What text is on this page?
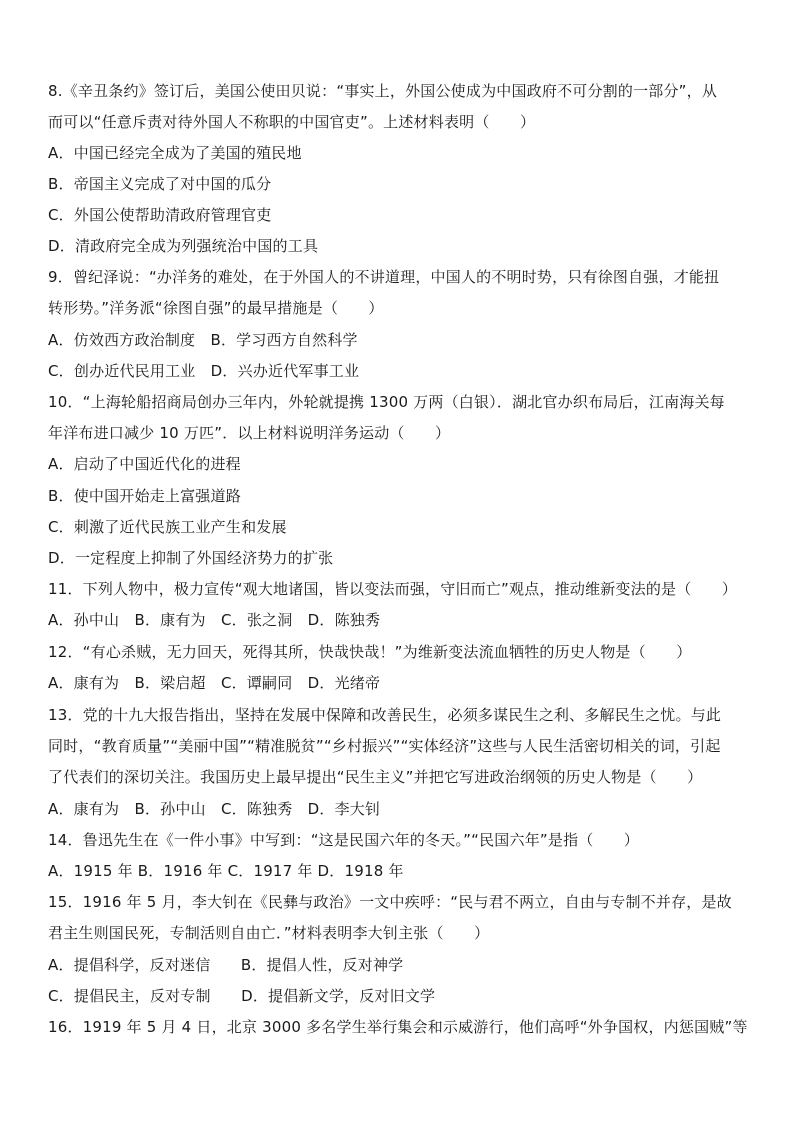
8.《辛丑条约》签订后，美国公使田贝说：“事实上，外国公使成为中国政府不可分割的一部分”，从
而可以“任意斥责对待外国人不称职的中国官吏”。上述材料表明（　　）
A．中国已经完全成为了美国的殖民地
B．帝国主义完成了对中国的瓜分
C．外国公使帮助清政府管理官吏
D．清政府完全成为列强统治中国的工具
9．曾纪泽说：“办洋务的难处，在于外国人的不讲道理，中国人的不明时势，只有徐图自强，才能扭
转形势。”洋务派“徐图自强”的最早措施是（　　）
A．仿效西方政治制度　B．学习西方自然科学
C．创办近代民用工业　D．兴办近代军事工业
10．“上海轮船招商局创办三年内，外轮就提携 1300 万两（白银）．湖北官办织布局后，江南海关每
年洋布进口减少 10 万匹”．以上材料说明洋务运动（　　）
A．启动了中国近代化的进程
B．使中国开始走上富强道路
C．刺激了近代民族工业产生和发展
D．一定程度上抑制了外国经济势力的扩张
11．下列人物中，极力宣传“观大地诸国，皆以变法而强，守旧而亡”观点，推动维新变法的是（　　）
A．孙中山　B．康有为　C．张之洞　D．陈独秀
12．“有心杀贼，无力回天，死得其所，快哉快哉！”为维新变法流血牺牲的历史人物是（　　）
A．康有为　B．梁启超　C．谭嗣同　D．光绪帝
13．党的十九大报告指出，坚持在发展中保障和改善民生，必须多谋民生之利、多解民生之忧。与此
同时，“教育质量”“美丽中国”“精准脱贫”“乡村振兴”“实体经济”这些与人民生活密切相关的词，引起
了代表们的深切关注。我国历史上最早提出“民生主义”并把它写进政治纲领的历史人物是（　　）
A．康有为　B．孙中山　C．陈独秀　D．李大钊
14．鲁迅先生在《一件小事》中写到：“这是民国六年的冬天。”“民国六年”是指（　　）
A．1915 年 B．1916 年 C．1917 年 D．1918 年
15．1916 年 5 月，李大钊在《民彝与政治》一文中疾呼：“民与君不两立，自由与专制不并存，是故
君主生则国民死，专制活则自由亡．”材料表明李大钊主张（　　）
A．提倡科学，反对迷信　　B．提倡人性，反对神学
C．提倡民主，反对专制　　D．提倡新文学，反对旧文学
16．1919 年 5 月 4 日，北京 3000 多名学生举行集会和示威游行，他们高呼“外争国权，内惩国贼”等
